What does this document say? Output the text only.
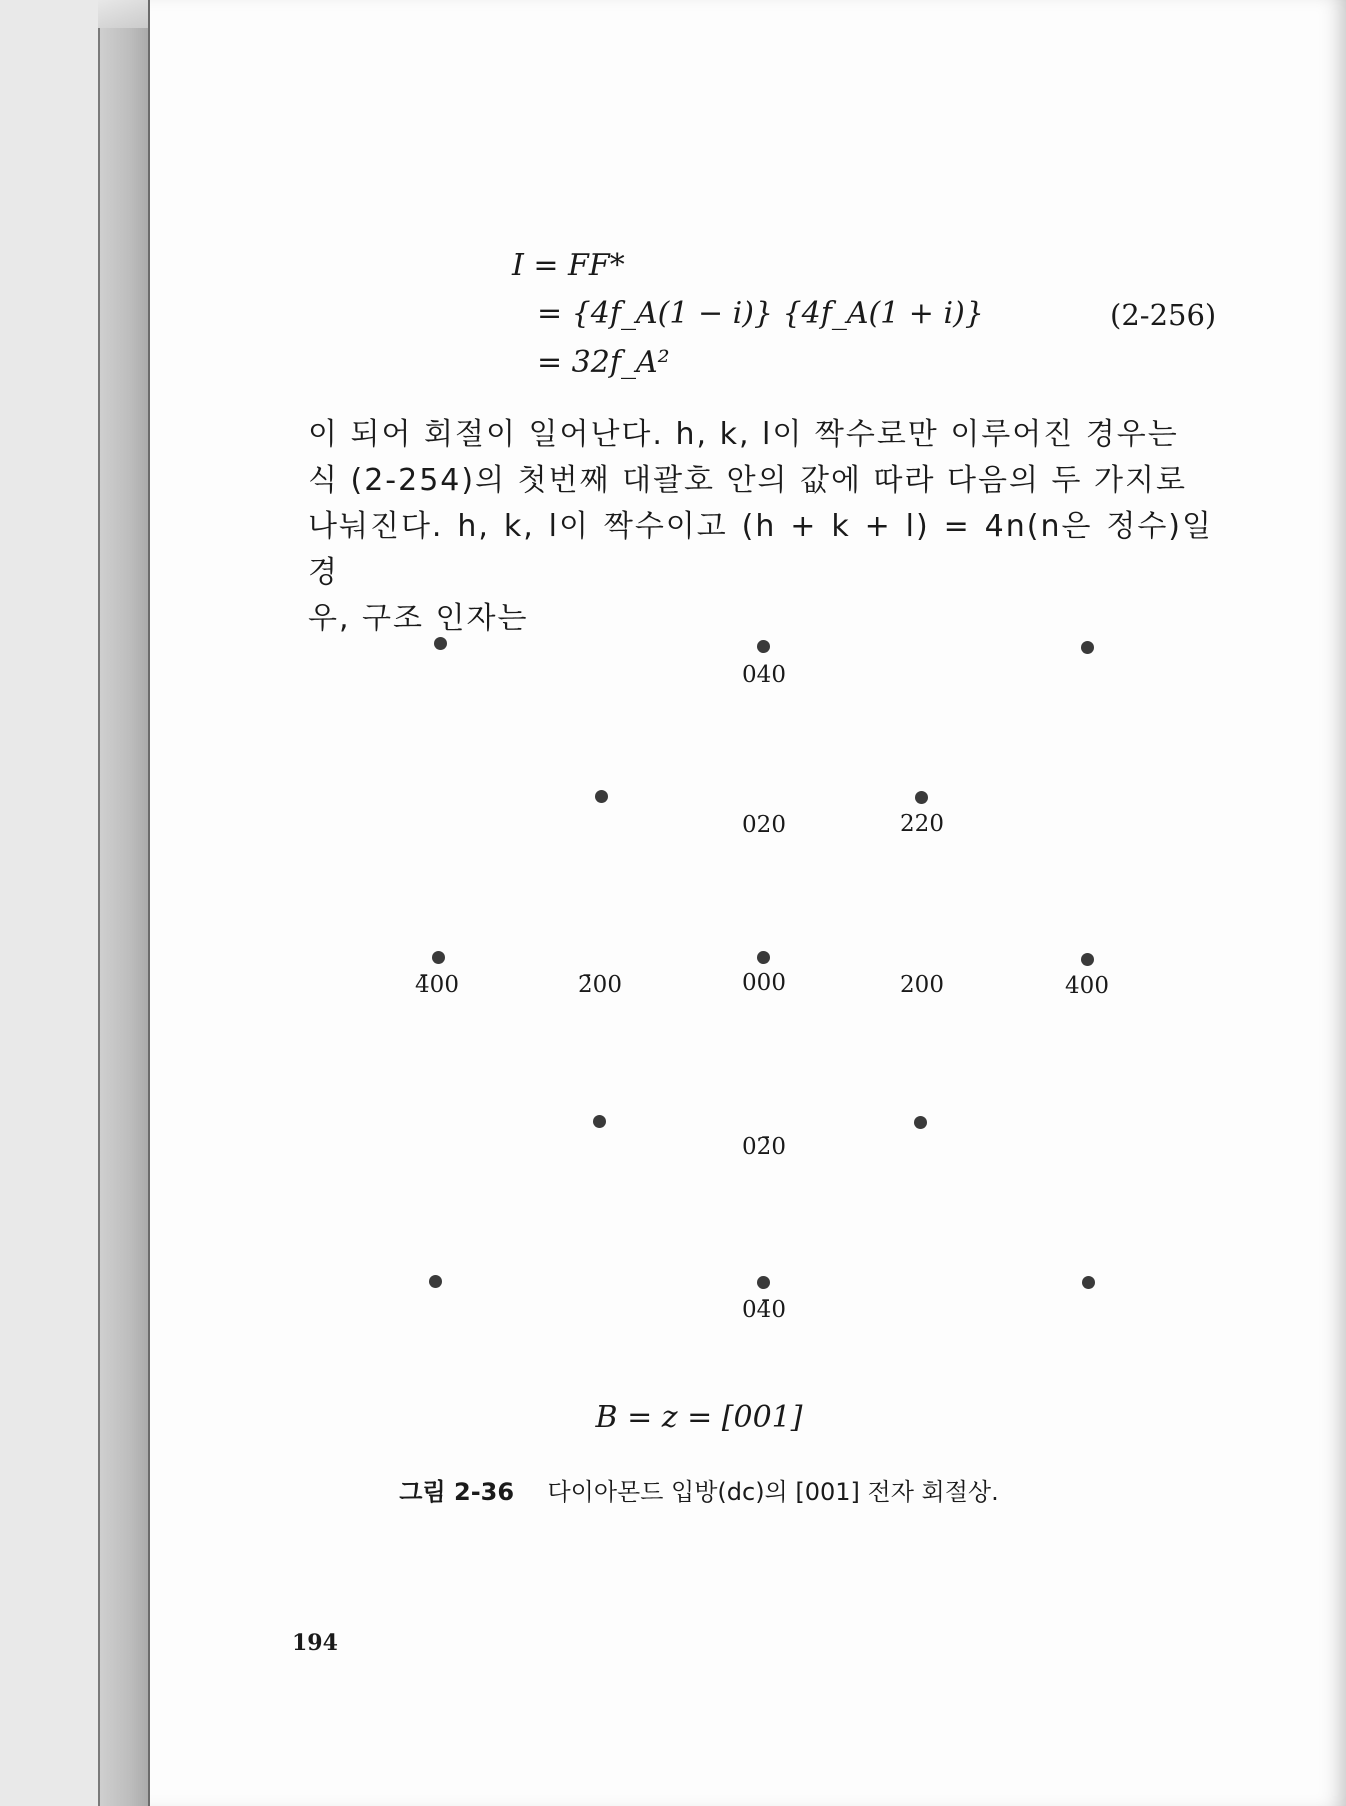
I = FF*
= {4f_A(1 − i)} {4f_A(1 + i)}
= 32f_A²
(2-256)

이 되어 회절이 일어난다. h, k, l이 짝수로만 이루어진 경우는

식 (2-254)의 첫번째 대괄호 안의 값에 따라 다음의 두 가지로

나눠진다. h, k, l이 짝수이고 (h + k + l) = 4n(n은 정수)일 경

우, 구조 인자는

040
020	220
4̄00	2̄00	000	200	400
02̄0
04̄0
B = z = [001]
그림 2-36 다이아몬드 입방(dc)의 [001] 전자 회절상.
194
